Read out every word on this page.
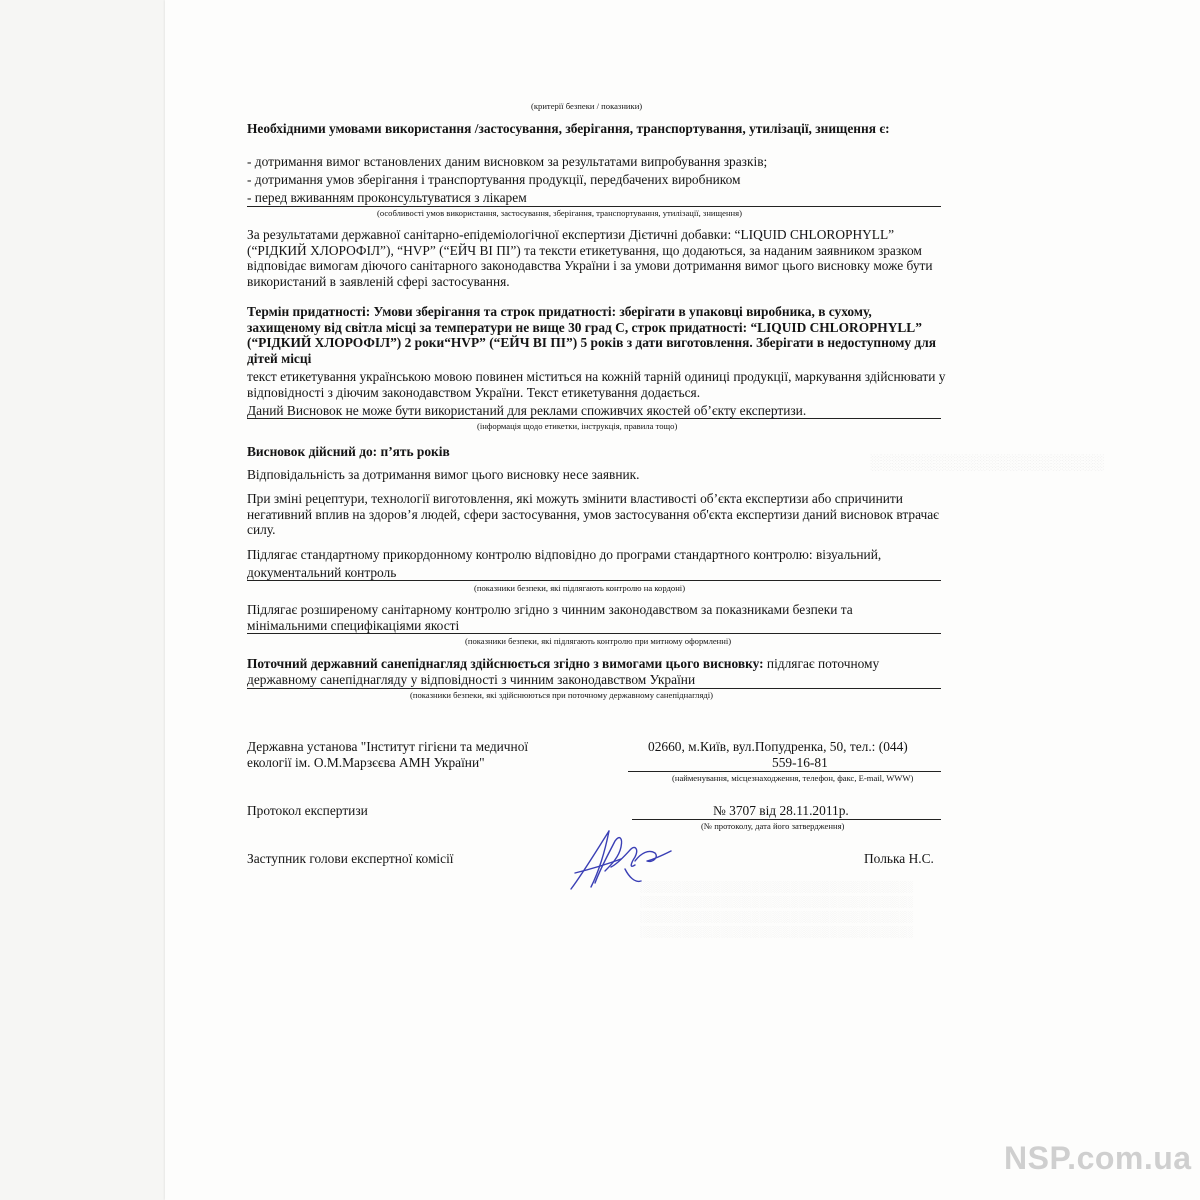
░░░░░░░░░░░░░░░░░░░░░░
(критерії безпеки / показники)
Необхідними умовами використання /застосування, зберігання, транспортування, утилізації, знищення є:
- дотримання вимог встановлених даним висновком за результатами випробування зразків;
- дотримання умов зберігання і транспортування продукції, передбачених виробником
- перед вживанням проконсультуватися з лікарем
(особливості умов використання, застосування, зберігання, транспортування, утилізації, знищення)
За результатами державної санітарно-епідеміологічної експертизи Дієтичні добавки: “LIQUID CHLOROPHYLL” (“РІДКИЙ ХЛОРОФІЛ”), “HVP” (“ЕЙЧ ВІ ПІ”) та тексти етикетування, що додаються, за наданим заявником зразком відповідає вимогам діючого санітарного законодавства України і за умови дотримання вимог цього висновку може бути використаний в заявленій сфері застосування.
Термін придатності: Умови зберігання та строк придатності: зберігати в упаковці виробника, в сухому, захищеному від світла місці за температури не вище 30 град С, строк придатності: “LIQUID CHLOROPHYLL” (“РІДКИЙ ХЛОРОФІЛ”) 2 роки“HVP” (“ЕЙЧ ВІ ПІ”) 5 років з дати виготовлення. Зберігати в недоступному для дітей місці
текст етикетування українською мовою повинен міститься на кожній тарній одиниці продукції, маркування здійснювати у відповідності з діючим законодавством України. Текст етикетування додається.
Даний Висновок не може бути використаний для реклами споживчих якостей об’єкту експертизи.
(інформація щодо етикетки, інструкція, правила тощо)
Висновок дійсний до: п’ять років
Відповідальність за дотримання вимог цього висновку несе заявник.
При зміні рецептури, технології виготовлення, які можуть змінити властивості об’єкта експертизи або спричинити негативний вплив на здоров’я людей, сфери застосування, умов застосування об'єкта експертизи даний висновок втрачає силу.
Підлягає стандартному прикордонному контролю відповідно до програми стандартного контролю: візуальний,
документальний контроль
(показники безпеки, які підлягають контролю на кордоні)
Підлягає розширеному санітарному контролю згідно з чинним законодавством за показниками безпеки та
мінімальними специфікаціями якості
(показники безпеки, які підлягають контролю при митному оформленні)
Поточний державний санепіднагляд здійснюється згідно з вимогами цього висновку: підлягає поточному
державному санепіднагляду у відповідності з чинним законодавством України
(показники безпеки, які здійснюються при поточному державному санепіднагляді)
Державна установа "Інститут гігієни та медичної
екології ім. О.М.Марзєєва АМН України"
02660, м.Київ, вул.Попудренка, 50, тел.: (044)
559-16-81
(найменування, місцезнаходження, телефон, факс, E-mail, WWW)
Протокол експертизи	№ 3707 від 28.11.2011р.
(№ протоколу, дата його затвердження)
Заступник голови експертної комісії	Полька Н.С.
░░░░░░░░░░░░░░░░░░░░░░░░░░░░░░░░░░░
░░░░░░░░░░░░░░░░░░░░░░░░░░░░░░░░░░░
░░░░░░░░░░░░░░░░░░░░░░░░░░░░░░░░░░░
░░░░░░░░░░░░░░░░░░░░░░░░░░░░░░░░░░░
NSP.com.ua
